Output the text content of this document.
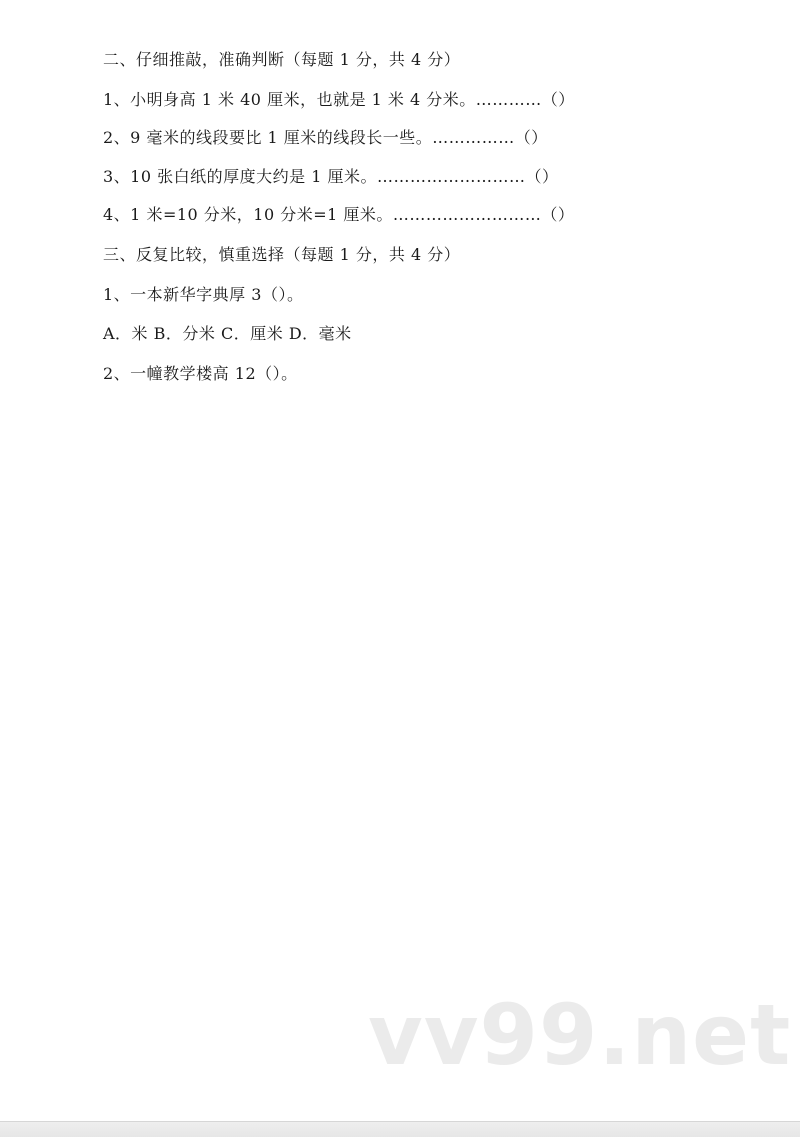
二、仔细推敲，准确判断（每题 1 分，共 4 分）
1、小明身高 1 米 40 厘米，也就是 1 米 4 分米。…………（）
2、9 毫米的线段要比 1 厘米的线段长一些。……………（）
3、10 张白纸的厚度大约是 1 厘米。………………………（）
4、1 米=10 分米，10 分米=1 厘米。………………………（）
三、反复比较，慎重选择（每题 1 分，共 4 分）
1、一本新华字典厚 3（）。
A．米 B．分米 C．厘米 D．毫米
2、一幢教学楼高 12（）。
vv99.net
